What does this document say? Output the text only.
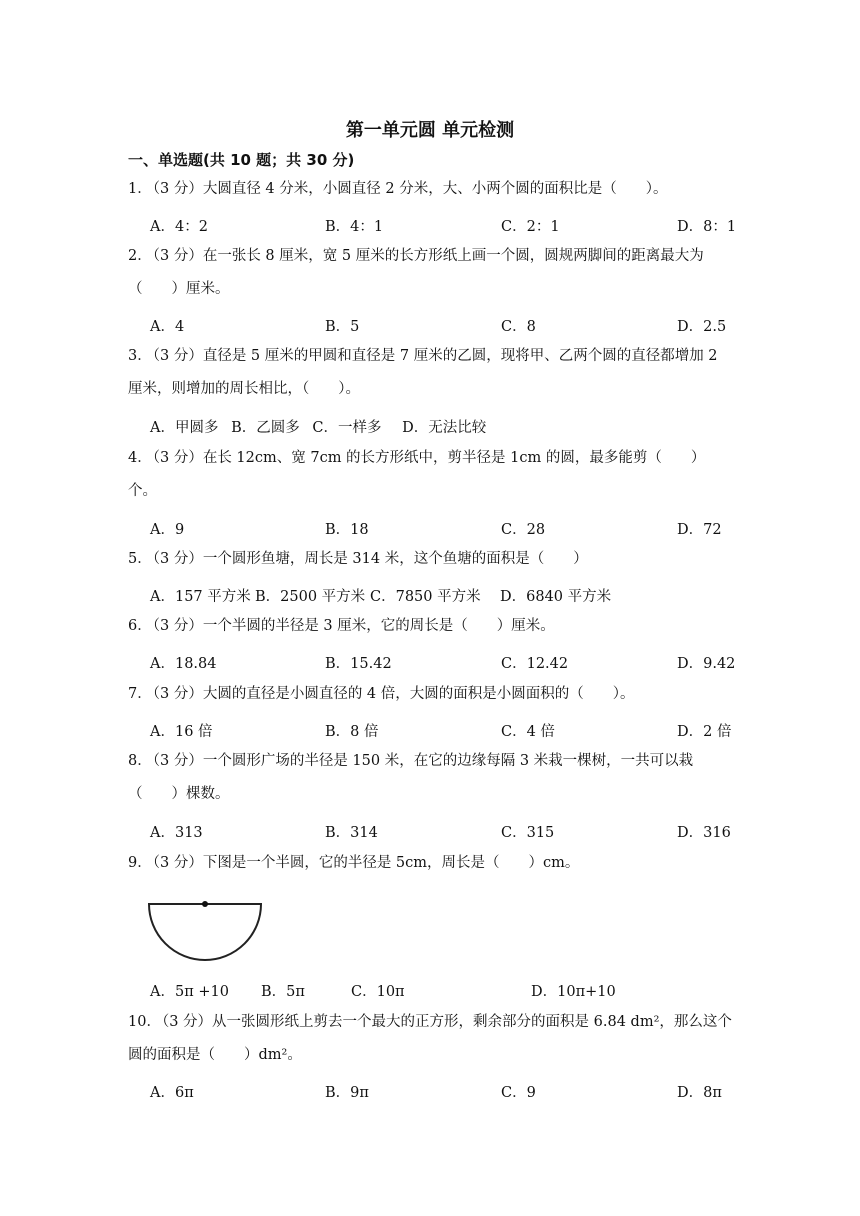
第一单元圆 单元检测
一、单选题(共 10 题；共 30 分)
1．（3 分）大圆直径 4 分米，小圆直径 2 分米，大、小两个圆的面积比是（　　）。
A．4：2	B．4：1	C．2：1	D．8：1
2．（3 分）在一张长 8 厘米，宽 5 厘米的长方形纸上画一个圆，圆规两脚间的距离最大为（　　）厘米。
A．4	B．5	C．8	D．2.5
3．（3 分）直径是 5 厘米的甲圆和直径是 7 厘米的乙圆，现将甲、乙两个圆的直径都增加 2 厘米，则增加的周长相比，（　　）。
A．甲圆多 B．乙圆多 C．一样多 D．无法比较
4．（3 分）在长 12cm、宽 7cm 的长方形纸中，剪半径是 1cm 的圆，最多能剪（　　）个。
A．9	B．18	C．28	D．72
5．（3 分）一个圆形鱼塘，周长是 314 米，这个鱼塘的面积是（　　）
A．157 平方米 B．2500 平方米 C．7850 平方米 D．6840 平方米
6．（3 分）一个半圆的半径是 3 厘米，它的周长是（　　）厘米。
A．18.84	B．15.42	C．12.42	D．9.42
7．（3 分）大圆的直径是小圆直径的 4 倍，大圆的面积是小圆面积的（　　）。
A．16 倍	B．8 倍	C．4 倍	D．2 倍
8．（3 分）一个圆形广场的半径是 150 米，在它的边缘每隔 3 米栽一棵树，一共可以栽（　　）棵数。
A．313	B．314	C．315	D．316
9．（3 分）下图是一个半圆，它的半径是 5cm，周长是（　　）cm。
A．5π +10 B．5π	C．10π	D．10π+10
10．（3 分）从一张圆形纸上剪去一个最大的正方形，剩余部分的面积是 6.84 dm²，那么这个圆的面积是（　　）dm²。
A．6π	B．9π	C．9	D．8π
